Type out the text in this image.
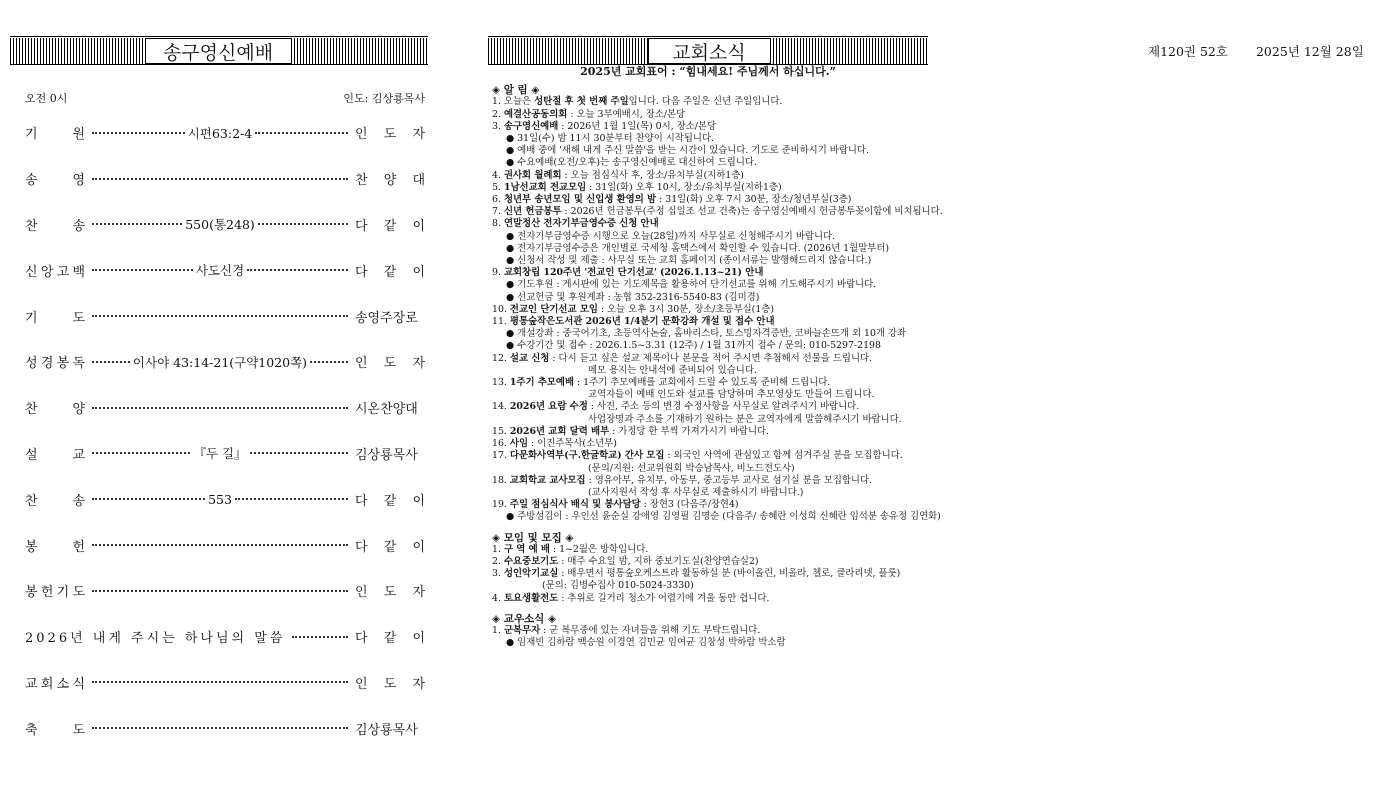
송구영신예배	교회소식
오전 0시	인도: 김상룡목사
기	원	시편63:2-4	인 도 자
송	영	찬 양 대
찬	송	550(통248)	다 같 이
신 앙 고 백	사도신경	다 같 이
기	도	송영주장로
성 경 봉 독	이사야 43:14-21(구약1020쪽)	인 도 자
찬	양	시온찬양대
설	교	『두 길』	김상룡목사
찬	송	553	다 같 이
봉	헌	다 같 이
봉 헌 기 도	인 도 자
2026년 내게 주시는 하나님의 말씀	다 같 이
교 회 소 식	인 도 자
축	도	김상룡목사
2025년 교회표어 : “힘내세요! 주님께서 하십니다.”
◈ 알 림 ◈
1. 오늘은 성탄절 후 첫 번째 주일입니다. 다음 주일은 신년 주일입니다.
2. 예결산공동의회 : 오늘 3부예배시, 장소/본당
3. 송구영신예배 : 2026년 1월 1일(목) 0시, 장소/본당
● 31일(수) 밤 11시 30분부터 찬양이 시작됩니다.
● 예배 중에 '새해 내게 주신 말씀'을 받는 시간이 있습니다. 기도로 준비하시기 바랍니다.
● 수요예배(오전/오후)는 송구영신예배로 대신하여 드립니다.
4. 권사회 월례회 : 오늘 점심식사 후, 장소/유치부실(지하1층)
5. 1남선교회 전교모임 : 31일(화) 오후 10시, 장소/유치부실(지하1층)
6. 청년부 송년모임 및 신입생 환영의 밤 : 31일(화) 오후 7시 30분, 장소/청년부실(3층)
7. 신년 헌금봉투 : 2026년 헌금봉투(주정 십일조 선교 건축)는 송구영신예배시 헌금봉투꽂이함에 비치됩니다.
8. 연말정산 전자기부금영수증 신청 안내
● 전자기부금영수증 시행으로 오늘(28일)까지 사무실로 신청해주시기 바랍니다.
● 전자기부금영수증은 개인별로 국세청 홈택스에서 확인할 수 있습니다. (2026년 1월말부터)
● 신청서 작성 및 제출 : 사무실 또는 교회 홈페이지 (종이서류는 발행해드리지 않습니다.)
9. 교회창립 120주년 '전교인 단기선교' (2026.1.13~21) 안내
● 기도후원 : 게시판에 있는 기도제목을 활용하여 단기선교를 위해 기도해주시기 바랍니다.
● 선교헌금 및 후원계좌 : 농협 352-2316-5540-83 (김미경)
10. 전교인 단기선교 모임 : 오늘 오후 3시 30분, 장소/초등부실(1층)
11. 평통숲작은도서관 2026년 1/4분기 문화강좌 개설 및 접수 안내
● 개설강좌 : 중국어기초, 초등역사논술, 홈바리스타, 토스밍자격증반, 코바늘손뜨개 외 10개 강좌
● 수강기간 및 접수 : 2026.1.5~3.31 (12주) / 1월 31까지 접수 / 문의: 010-5297-2198
12. 설교 신청 : 다시 듣고 싶은 설교 제목이나 본문을 적어 주시면 추첨해서 선물을 드립니다.
메모 용지는 안내석에 준비되어 있습니다.
13. 1주기 추모예배 : 1주기 추모예배를 교회에서 드릴 수 있도록 준비해 드립니다.
교역자들이 예배 인도와 설교를 담당하며 추모영상도 만들어 드립니다.
14. 2026년 요람 수정 : 사진, 주소 등의 변경 수정사항을 사무실로 알려주시기 바랍니다.
사업장명과 주소를 기재하기 원하는 분은 교역자에게 말씀해주시기 바랍니다.
15. 2026년 교회 달력 배부 : 가정당 한 부씩 가져가시기 바랍니다.
16. 사임 : 이진주목사(소년부)
17. 다문화사역부(구.한글학교) 간사 모집 : 외국인 사역에 관심있고 함께 섬겨주실 분을 모집합니다.
(문의/지원: 선교위원회 박승남목사, 비노드전도사)
18. 교회학교 교사모집 : 영유아부, 유치부, 아동부, 중고등부 교사로 섬기실 분을 모집합니다.
(교사지원서 작성 후 사무실로 제출하시기 바랍니다.)
19. 주일 점심식사 배식 및 봉사담당 : 장현3 (다음주/장현4)
● 주방섬김이 : 우인선 윤순실 강애영 김영필 김명순 (다음주/ 송혜란 이성희 신혜란 임석분 송유정 김연화)
◈ 모임 및 모집 ◈
1. 구 역 예 배 : 1~2월은 방학입니다.
2. 수요중보기도 : 매주 수요일 밤, 지하 중보기도실(찬양연습실2)
3. 성인악기교실 : 배우면서 평통숲오케스트라 활동하실 분 (바이올린, 비올라, 첼로, 클라리넷, 플룻)
(문의: 김병수집사 010-5024-3330)
4. 토요생활전도 : 추위로 길거리 청소가 어렵기에 겨울 동안 쉽니다.
◈ 교우소식 ◈
1. 군복무자 : 군 복무중에 있는 자녀들을 위해 기도 부탁드립니다.
● 임재빈 김하람 백승원 이경연 김민균 임여균 김창성 박하람 박소람
제120권 52호 2025년 12월 28일
